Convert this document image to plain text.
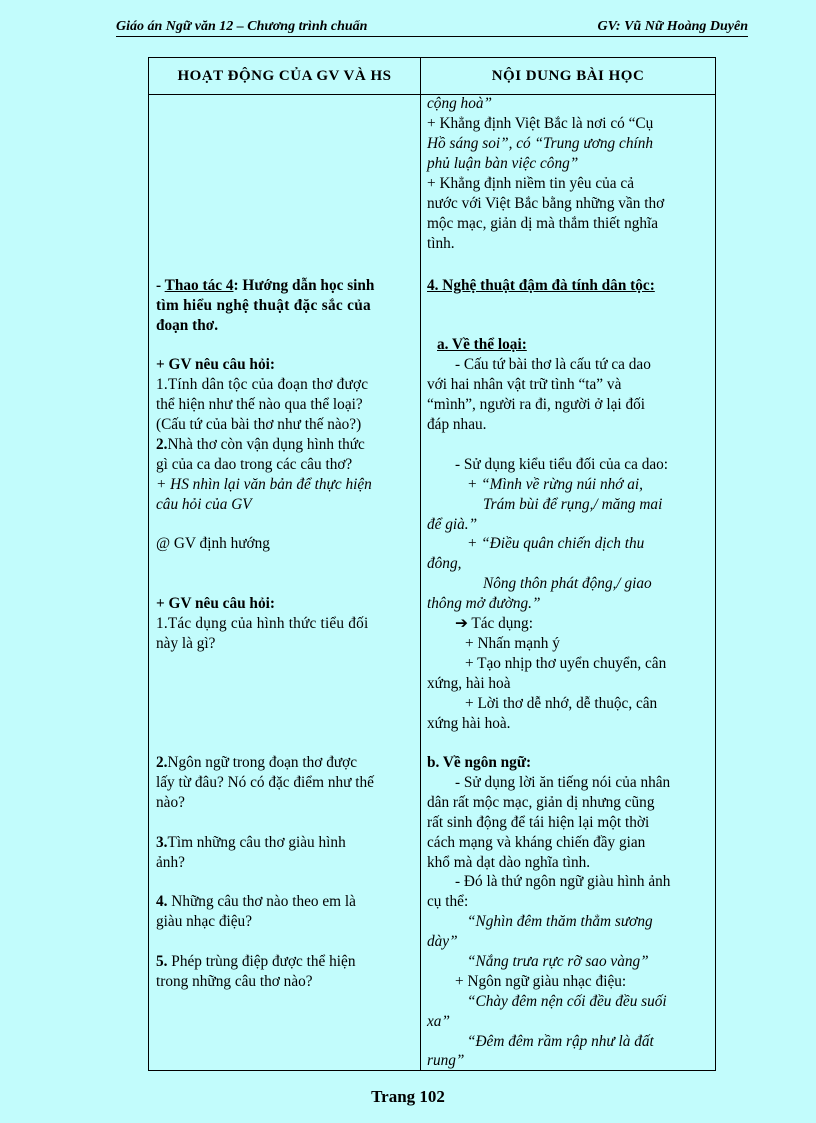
Giáo án Ngữ văn 12 – Chương trình chuẩn	GV: Vũ Nữ Hoàng Duyên
HOẠT ĐỘNG CỦA GV VÀ HS	NỘI DUNG BÀI HỌC
- Thao tác 4: Hướng dẫn học sinh
tìm hiểu nghệ thuật đặc sắc của
đoạn thơ.
+ GV nêu câu hỏi:
1.Tính dân tộc của đoạn thơ được
thể hiện như thế nào qua thể loại?
(Cấu tứ của bài thơ như thế nào?)
2.Nhà thơ còn vận dụng hình thức
gì của ca dao trong các câu thơ?
+ HS nhìn lại văn bản để thực hiện
câu hỏi của GV
@ GV định hướng
+ GV nêu câu hỏi:
1.Tác dụng của hình thức tiểu đối
này là gì?
2.Ngôn ngữ trong đoạn thơ được
lấy từ đâu? Nó có đặc điểm như thế
nào?
3.Tìm những câu thơ giàu hình
ảnh?
4. Những câu thơ nào theo em là
giàu nhạc điệu?
5. Phép trùng điệp được thể hiện
trong những câu thơ nào?
cộng hoà”
+ Khẳng định Việt Bắc là nơi có “Cụ
Hồ sáng soi”, có “Trung ương chính
phủ luận bàn việc công”
+ Khẳng định niềm tin yêu của cả
nước với Việt Bắc bằng những vần thơ
mộc mạc, giản dị mà thắm thiết nghĩa
tình.
4. Nghệ thuật đậm đà tính dân tộc:
a. Về thể loại:
- Cấu tứ bài thơ là cấu tứ ca dao
với hai nhân vật trữ tình “ta” và
“mình”, người ra đi, người ở lại đối
đáp nhau.
- Sử dụng kiểu tiểu đối của ca dao:
+ “Mình về rừng núi nhớ ai,
Trám bùi để rụng,/ măng mai
để già.”
+ “Điều quân chiến dịch thu
đông,
Nông thôn phát động,/ giao
thông mở đường.”
➔ Tác dụng:
+ Nhấn mạnh ý
+ Tạo nhịp thơ uyển chuyển, cân
xứng, hài hoà
+ Lời thơ dễ nhớ, dễ thuộc, cân
xứng hài hoà.
b. Về ngôn ngữ:
- Sử dụng lời ăn tiếng nói của nhân
dân rất mộc mạc, giản dị nhưng cũng
rất sinh động để tái hiện lại một thời
cách mạng và kháng chiến đầy gian
khổ mà dạt dào nghĩa tình.
- Đó là thứ ngôn ngữ giàu hình ảnh
cụ thể:
“Nghìn đêm thăm thẳm sương
dày”
“Nắng trưa rực rỡ sao vàng”
+ Ngôn ngữ giàu nhạc điệu:
“Chày đêm nện cối đều đều suối
xa”
“Đêm đêm rầm rập như là đất
rung”
Trang 102
